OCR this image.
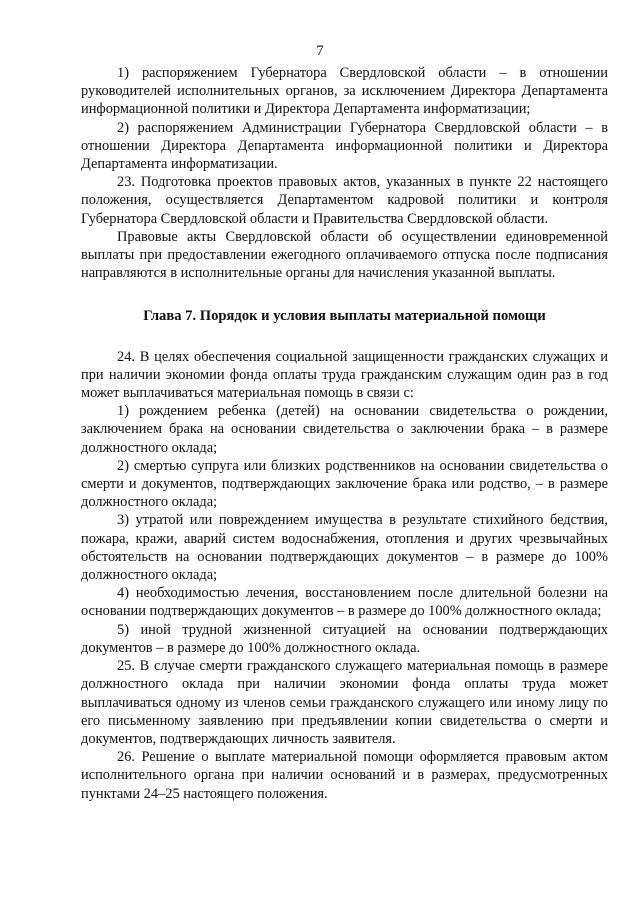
7

1) распоряжением Губернатора Свердловской области – в отношении руководителей исполнительных органов, за исключением Директора Департамента информационной политики и Директора Департамента информатизации;

2) распоряжением Администрации Губернатора Свердловской области – в отношении Директора Департамента информационной политики и Директора Департамента информатизации.

23. Подготовка проектов правовых актов, указанных в пункте 22 настоящего положения, осуществляется Департаментом кадровой политики и контроля Губернатора Свердловской области и Правительства Свердловской области.

Правовые акты Свердловской области об осуществлении единовременной выплаты при предоставлении ежегодного оплачиваемого отпуска после подписания направляются в исполнительные органы для начисления указанной выплаты.

Глава 7. Порядок и условия выплаты материальной помощи

24. В целях обеспечения социальной защищенности гражданских служащих и при наличии экономии фонда оплаты труда гражданским служащим один раз в год может выплачиваться материальная помощь в связи с:

1) рождением ребенка (детей) на основании свидетельства о рождении, заключением брака на основании свидетельства о заключении брака – в размере должностного оклада;

2) смертью супруга или близких родственников на основании свидетельства о смерти и документов, подтверждающих заключение брака или родство, – в размере должностного оклада;

3) утратой или повреждением имущества в результате стихийного бедствия, пожара, кражи, аварий систем водоснабжения, отопления и других чрезвычайных обстоятельств на основании подтверждающих документов – в размере до 100% должностного оклада;

4) необходимостью лечения, восстановлением после длительной болезни на основании подтверждающих документов – в размере до 100% должностного оклада;

5) иной трудной жизненной ситуацией на основании подтверждающих документов – в размере до 100% должностного оклада.

25. В случае смерти гражданского служащего материальная помощь в размере должностного оклада при наличии экономии фонда оплаты труда может выплачиваться одному из членов семьи гражданского служащего или иному лицу по его письменному заявлению при предъявлении копии свидетельства о смерти и документов, подтверждающих личность заявителя.

26. Решение о выплате материальной помощи оформляется правовым актом исполнительного органа при наличии оснований и в размерах, предусмотренных пунктами 24–25 настоящего положения.
